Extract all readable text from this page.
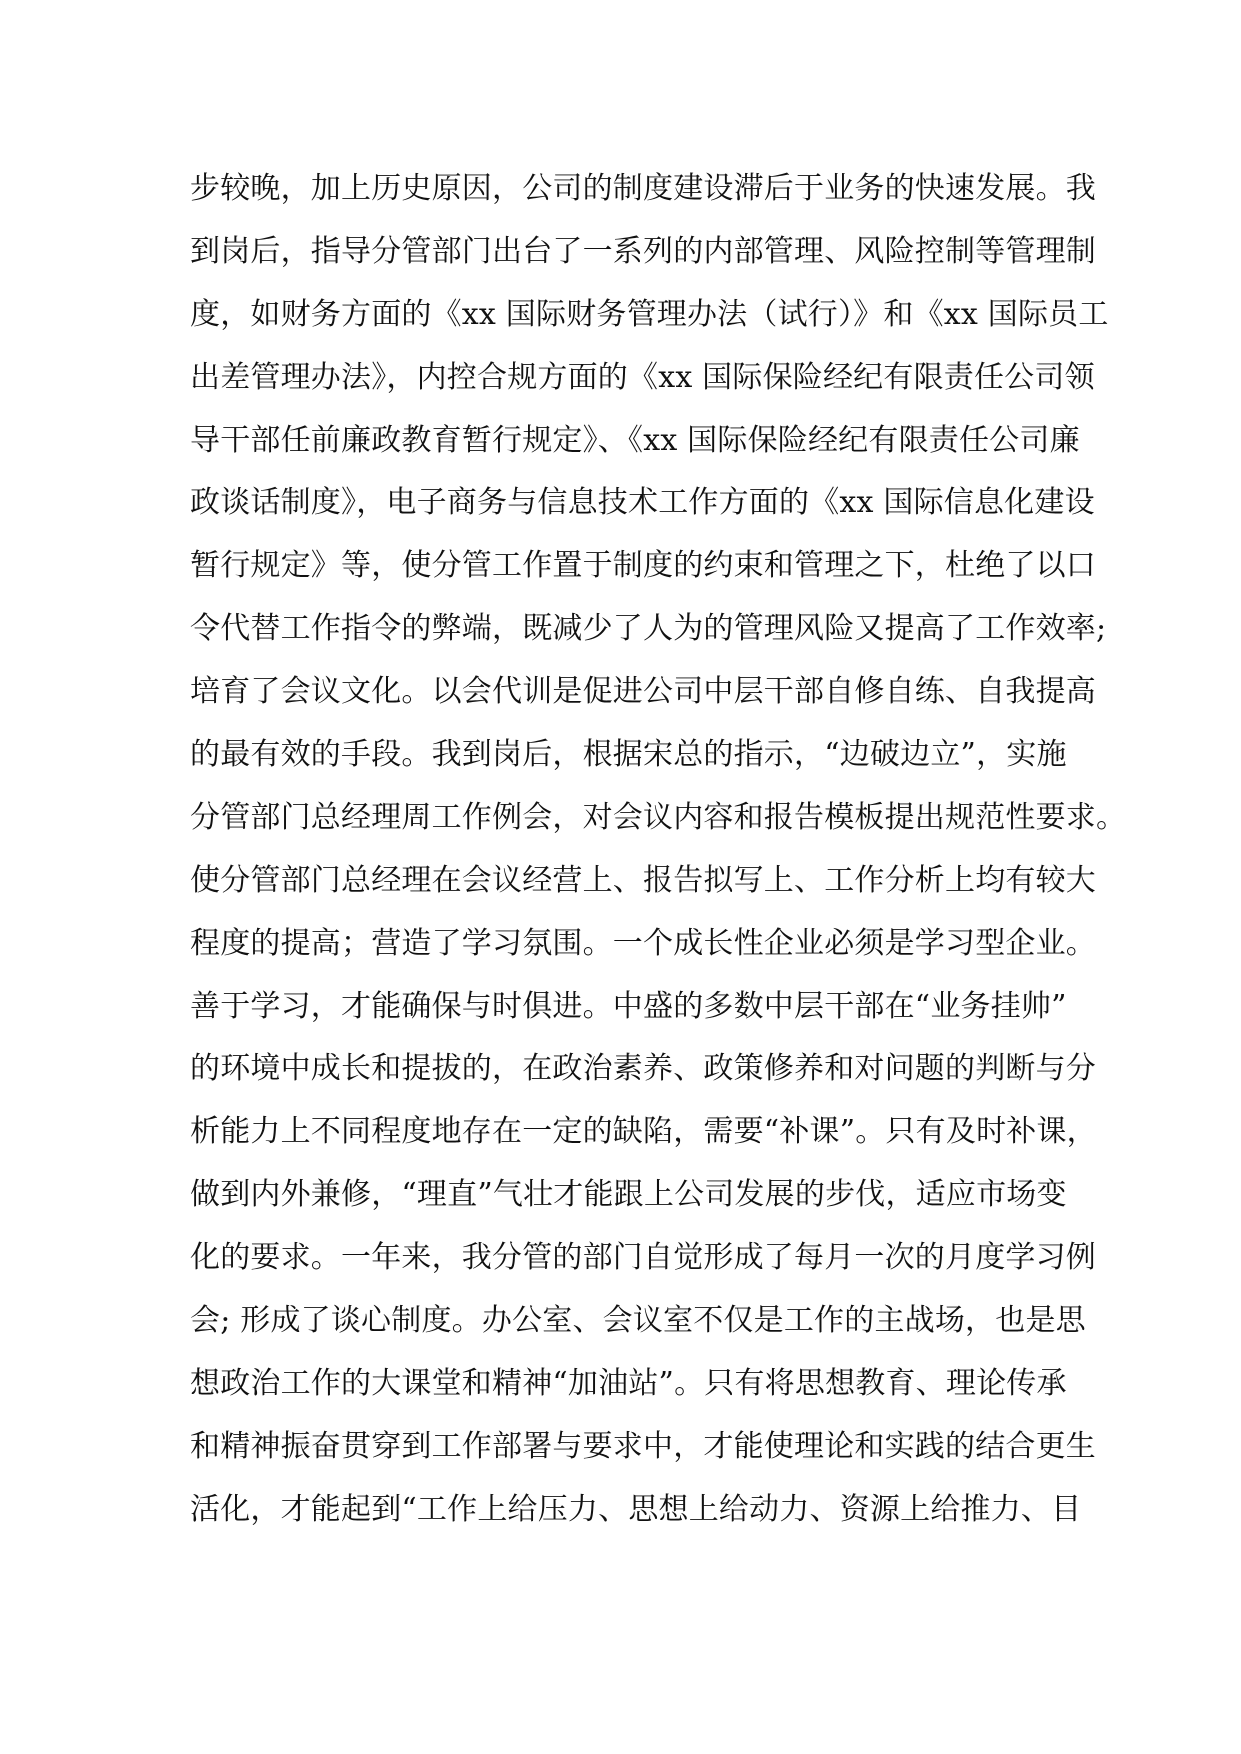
步较晚，加上历史原因，公司的制度建设滞后于业务的快速发展。我
到岗后，指导分管部门出台了一系列的内部管理、风险控制等管理制
度，如财务方面的《xx 国际财务管理办法（试行）》和《xx 国际员工
出差管理办法》，内控合规方面的《xx 国际保险经纪有限责任公司领
导干部任前廉政教育暂行规定》、《xx 国际保险经纪有限责任公司廉
政谈话制度》，电子商务与信息技术工作方面的《xx 国际信息化建设
暂行规定》等，使分管工作置于制度的约束和管理之下，杜绝了以口
令代替工作指令的弊端，既减少了人为的管理风险又提高了工作效率;
培育了会议文化。以会代训是促进公司中层干部自修自练、自我提高
的最有效的手段。我到岗后，根据宋总的指示，“边破边立”，实施
分管部门总经理周工作例会，对会议内容和报告模板提出规范性要求。
使分管部门总经理在会议经营上、报告拟写上、工作分析上均有较大
程度的提高；营造了学习氛围。一个成长性企业必须是学习型企业。
善于学习，才能确保与时俱进。中盛的多数中层干部在“业务挂帅”
的环境中成长和提拔的，在政治素养、政策修养和对问题的判断与分
析能力上不同程度地存在一定的缺陷，需要“补课”。只有及时补课，
做到内外兼修，“理直”气壮才能跟上公司发展的步伐，适应市场变
化的要求。一年来，我分管的部门自觉形成了每月一次的月度学习例
会; 形成了谈心制度。办公室、会议室不仅是工作的主战场，也是思
想政治工作的大课堂和精神“加油站”。只有将思想教育、理论传承
和精神振奋贯穿到工作部署与要求中，才能使理论和实践的结合更生
活化，才能起到“工作上给压力、思想上给动力、资源上给推力、目
